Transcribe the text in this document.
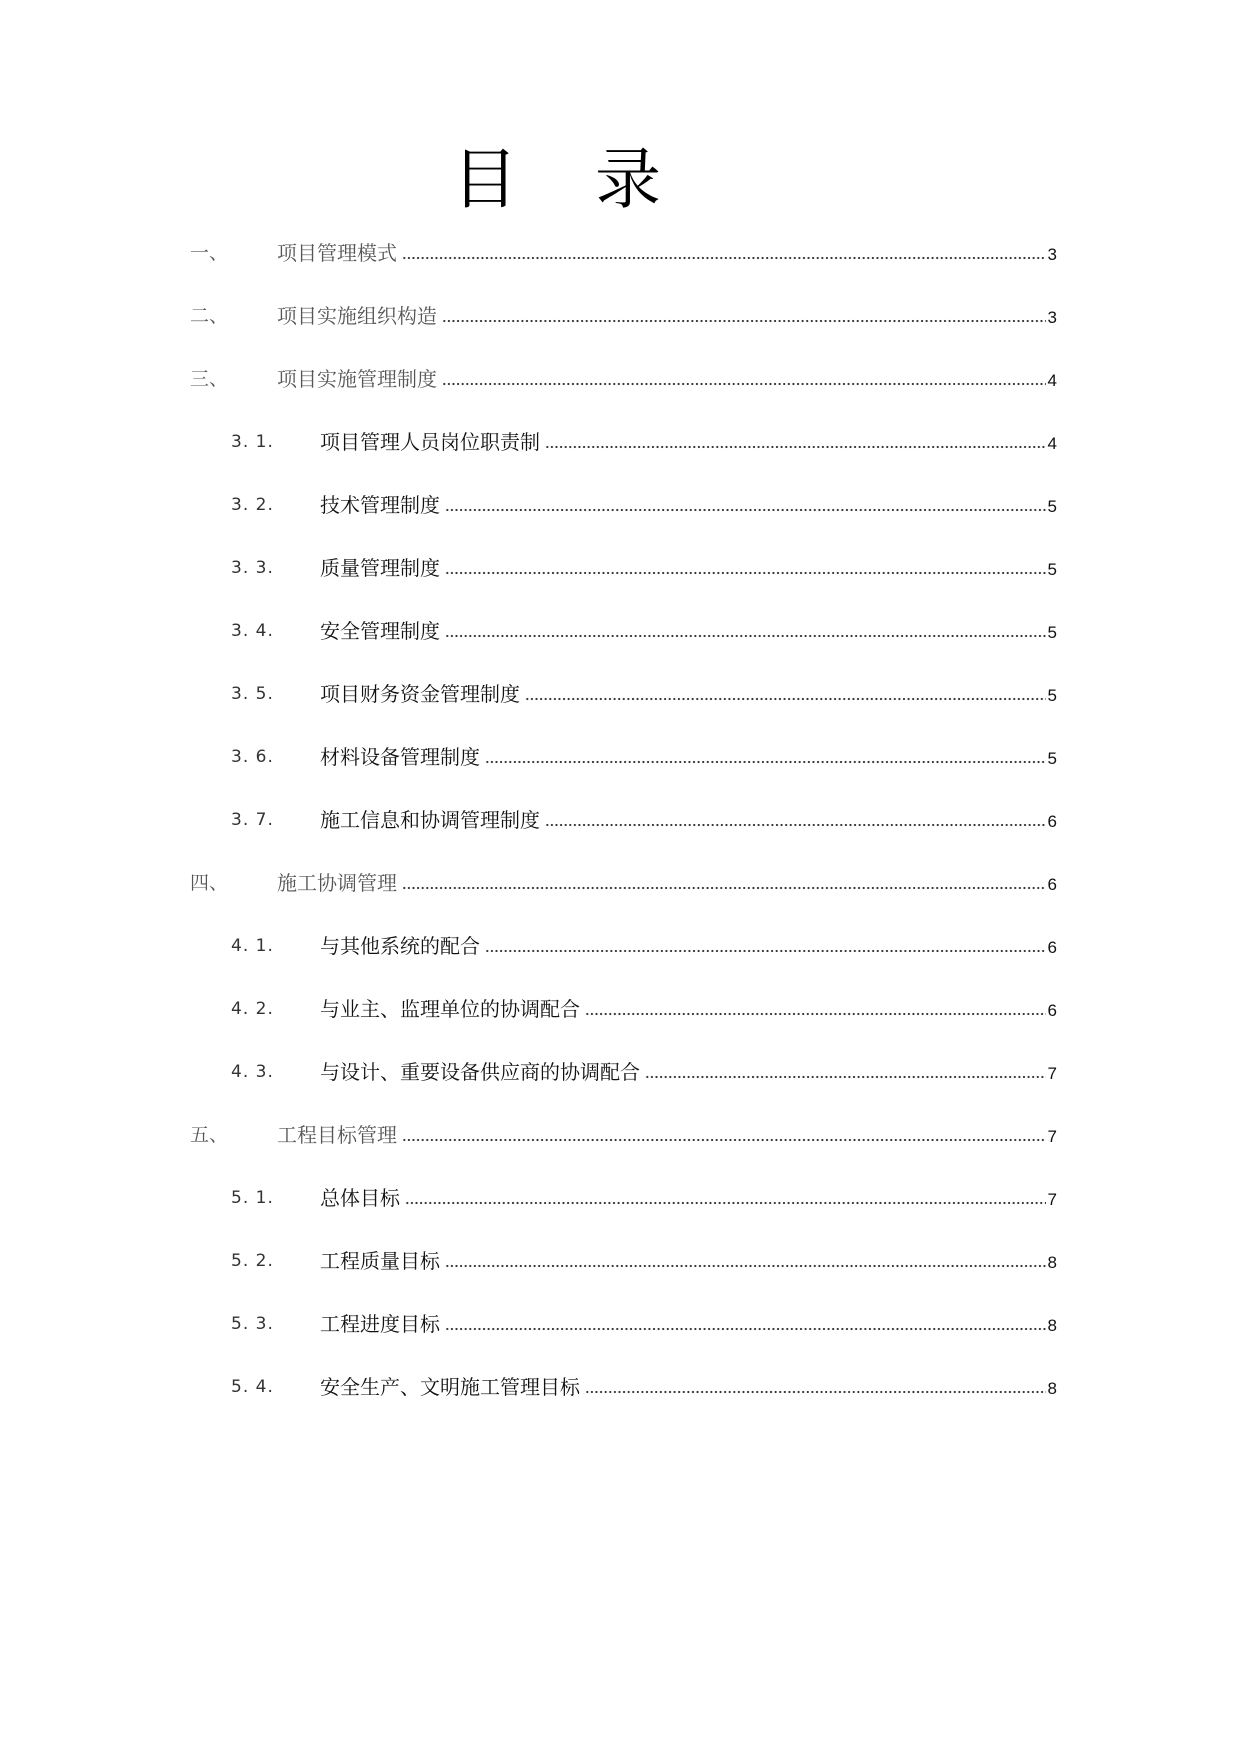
目 录
一、 项目管理模式	3
二、 项目实施组织构造	3
三、 项目实施管理制度	4
3. 1. 项目管理人员岗位职责制	4
3. 2. 技术管理制度	5
3. 3. 质量管理制度	5
3. 4. 安全管理制度	5
3. 5. 项目财务资金管理制度	5
3. 6. 材料设备管理制度	5
3. 7. 施工信息和协调管理制度	6
四、 施工协调管理	6
4. 1. 与其他系统的配合	6
4. 2. 与业主、监理单位的协调配合	6
4. 3. 与设计、重要设备供应商的协调配合	7
五、 工程目标管理	7
5. 1. 总体目标	7
5. 2. 工程质量目标	8
5. 3. 工程进度目标	8
5. 4. 安全生产、文明施工管理目标	8
